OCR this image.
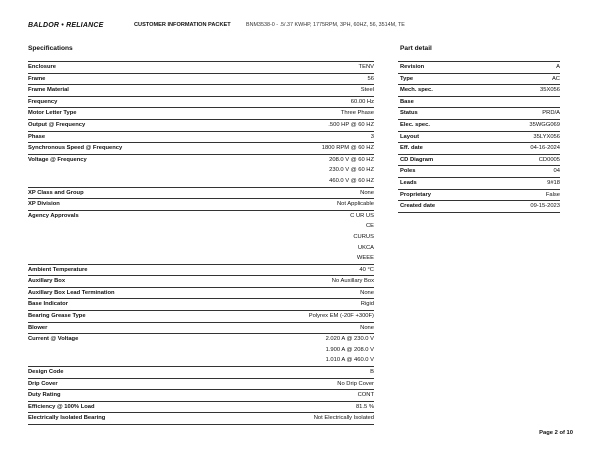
BALDOR • RELIANCE	CUSTOMER INFORMATION PACKET	BNM3538-0 - .5/.37 KWHP, 1775RPM, 3PH, 60HZ, 56, 3514M, TE
Specifications	Part detail
Enclosure	TENV
Frame	56
Frame Material	Steel
Frequency	60.00 Hz
Motor Letter Type	Three Phase
Output @ Frequency	.500 HP @ 60 HZ
Phase	3
Synchronous Speed @ Frequency	1800 RPM @ 60 HZ
Voltage @ Frequency	208.0 V @ 60 HZ
	230.0 V @ 60 HZ
	460.0 V @ 60 HZ
XP Class and Group	None
XP Division	Not Applicable
Agency Approvals	C UR US
	CE
	CURUS
	UKCA
	WEEE
Ambient Temperature	40 °C
Auxillary Box	No Auxillary Box
Auxillary Box Lead Termination	None
Base Indicator	Rigid
Bearing Grease Type	Polyrex EM (-20F +300F)
Blower	None
Current @ Voltage	2.020 A @ 230.0 V
	1.900 A @ 208.0 V
	1.010 A @ 460.0 V
Design Code	B
Drip Cover	No Drip Cover
Duty Rating	CONT
Efficiency @ 100% Load	81.5 %
Electrically Isolated Bearing	Not Electrically Isolated
Revision	A
Type	AC
Mech. spec.	35X056
Base	
Status	PRD/A
Elec. spec.	35WGG069
Layout	35LYX056
Eff. date	04-16-2024
CD Diagram	CD0005
Poles	04
Leads	9#18
Proprietary	False
Created date	09-15-2023
Page 2 of 10
